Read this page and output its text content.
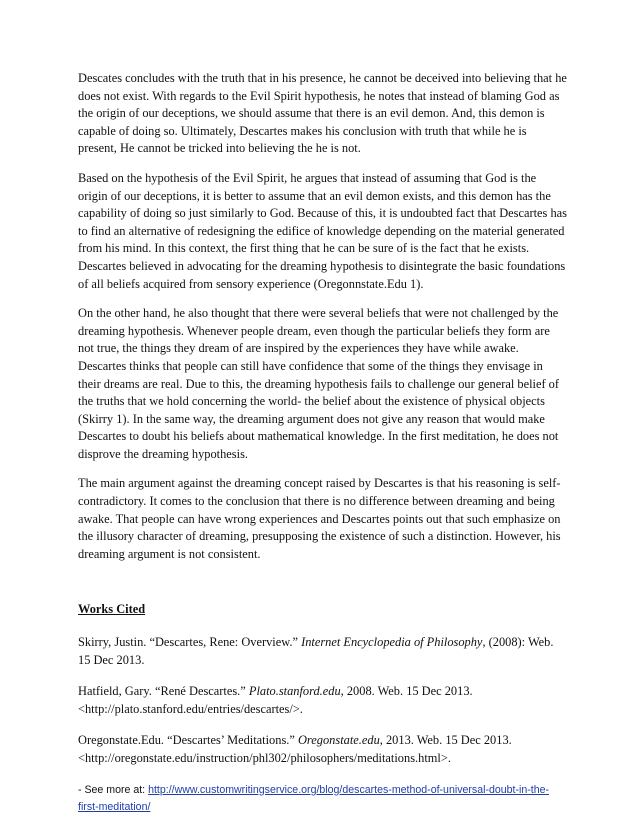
Descates concludes with the truth that in his presence, he cannot be deceived into believing that he does not exist. With regards to the Evil Spirit hypothesis, he notes that instead of blaming God as the origin of our deceptions, we should assume that there is an evil demon. And, this demon is capable of doing so. Ultimately, Descartes makes his conclusion with truth that while he is present, He cannot be tricked into believing the he is not.

Based on the hypothesis of the Evil Spirit, he argues that instead of assuming that God is the origin of our deceptions, it is better to assume that an evil demon exists, and this demon has the capability of doing so just similarly to God. Because of this, it is undoubted fact that Descartes has to find an alternative of redesigning the edifice of knowledge depending on the material generated from his mind. In this context, the first thing that he can be sure of is the fact that he exists. Descartes believed in advocating for the dreaming hypothesis to disintegrate the basic foundations of all beliefs acquired from sensory experience (Oregonnstate.Edu 1).

On the other hand, he also thought that there were several beliefs that were not challenged by the dreaming hypothesis. Whenever people dream, even though the particular beliefs they form are not true, the things they dream of are inspired by the experiences they have while awake. Descartes thinks that people can still have confidence that some of the things they envisage in their dreams are real. Due to this, the dreaming hypothesis fails to challenge our general belief of the truths that we hold concerning the world- the belief about the existence of physical objects (Skirry 1). In the same way, the dreaming argument does not give any reason that would make Descartes to doubt his beliefs about mathematical knowledge. In the first meditation, he does not disprove the dreaming hypothesis.

The main argument against the dreaming concept raised by Descartes is that his reasoning is self-contradictory. It comes to the conclusion that there is no difference between dreaming and being awake. That people can have wrong experiences and Descartes points out that such emphasize on the illusory character of dreaming, presupposing the existence of such a distinction. However, his dreaming argument is not consistent.

Works Cited

Skirry, Justin. “Descartes, Rene: Overview.” Internet Encyclopedia of Philosophy, (2008): Web. 15 Dec 2013.

Hatfield, Gary. “René Descartes.” Plato.stanford.edu, 2008. Web. 15 Dec 2013. <http://plato.stanford.edu/entries/descartes/>.

Oregonstate.Edu. “Descartes’ Meditations.” Oregonstate.edu, 2013. Web. 15 Dec 2013. <http://oregonstate.edu/instruction/phl302/philosophers/meditations.html>.

- See more at: http://www.customwritingservice.org/blog/descartes-method-of-universal-doubt-in-the-first-meditation/
